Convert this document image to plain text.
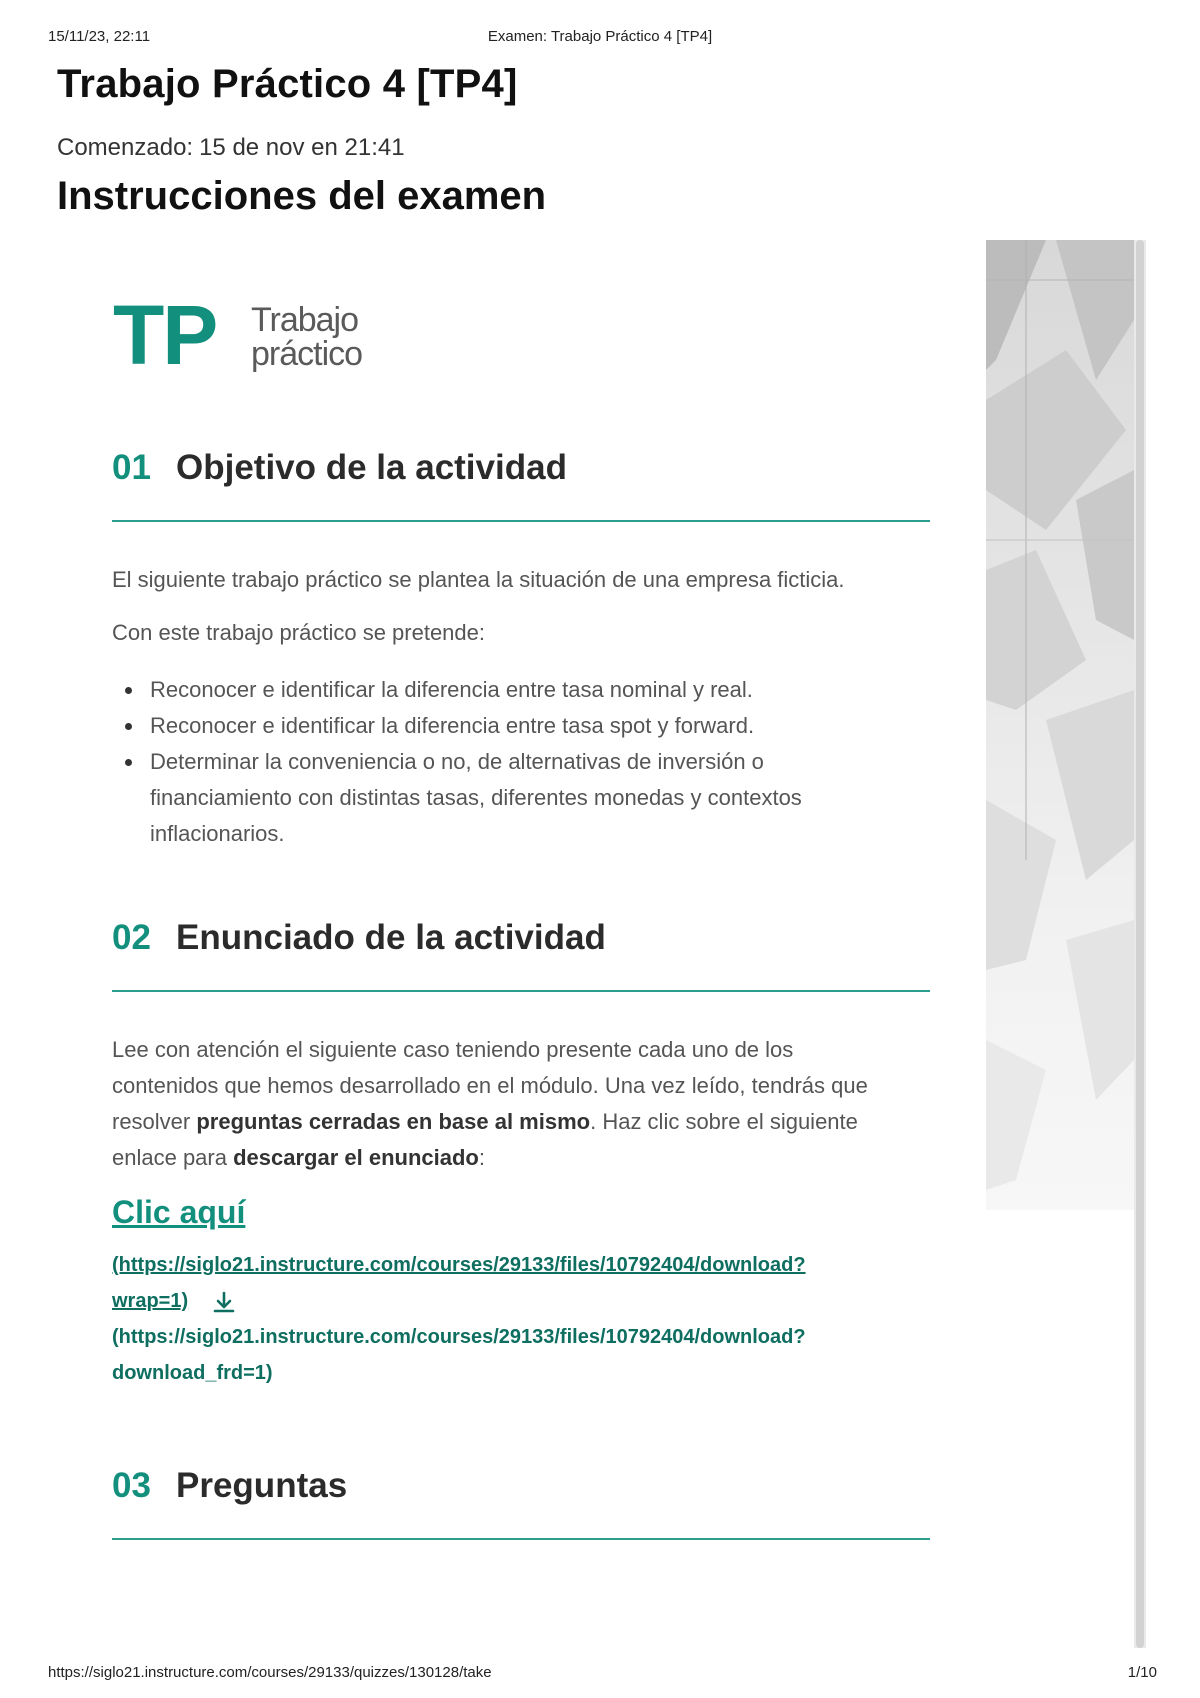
15/11/23, 22:11	Examen: Trabajo Práctico 4 [TP4]
Trabajo Práctico 4 [TP4]
Comenzado: 15 de nov en 21:41
Instrucciones del examen
TP Trabajo
práctico
01 Objetivo de la actividad

El siguiente trabajo práctico se plantea la situación de una empresa ficticia.

Con este trabajo práctico se pretende:

Reconocer e identificar la diferencia entre tasa nominal y real.
Reconocer e identificar la diferencia entre tasa spot y forward.
Determinar la conveniencia o no, de alternativas de inversión o financiamiento con distintas tasas, diferentes monedas y contextos inflacionarios.
02 Enunciado de la actividad

Lee con atención el siguiente caso teniendo presente cada uno de los contenidos que hemos desarrollado en el módulo. Una vez leído, tendrás que resolver preguntas cerradas en base al mismo. Haz clic sobre el siguiente enlace para descargar el enunciado:

Clic aquí
(https://siglo21.instructure.com/courses/29133/files/10792404/download?
wrap=1)
(https://siglo21.instructure.com/courses/29133/files/10792404/download?
download_frd=1)
03 Preguntas
https://siglo21.instructure.com/courses/29133/quizzes/130128/take	1/10
